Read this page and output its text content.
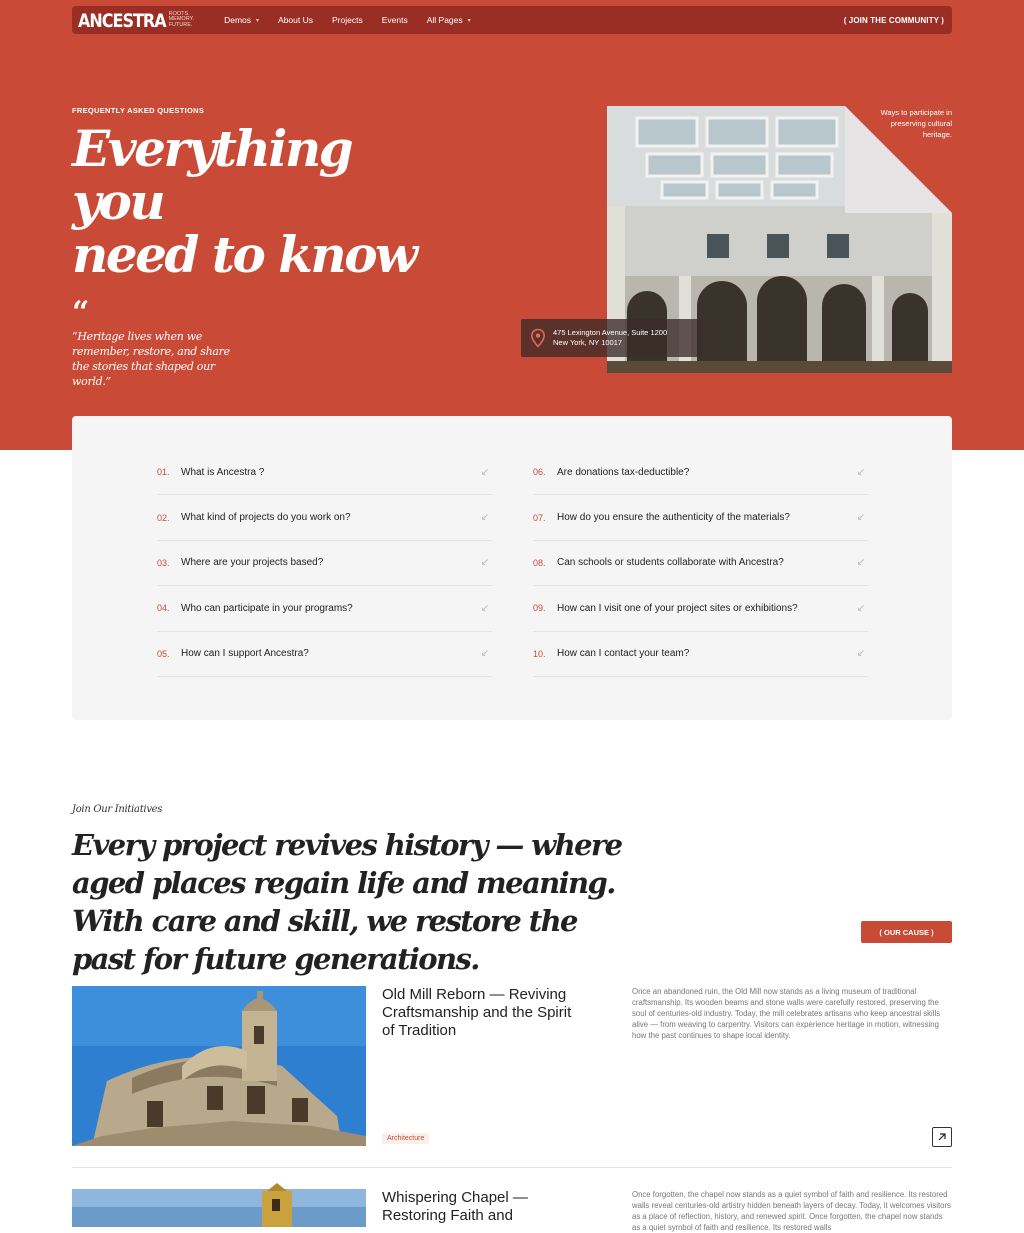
ANCESTRA ROOTS.
MEMORY.
FUTURE.	Demos ▾ About Us Projects Events All Pages ▾	( JOIN THE COMMUNITY )
FREQUENTLY ASKED QUESTIONS
Everything you
need to know
“

“Heritage lives when we remember, restore, and share the stories that shaped our world.”

Ways to participate in preserving cultural heritage.

475 Lexington Avenue, Suite 1200
New York, NY 10017
01.	What is Ancestra ?	↙
02.	What kind of projects do you work on?	↙
03.	Where are your projects based?	↙
04.	Who can participate in your programs?	↙
05.	How can I support Ancestra?	↙
06.	Are donations tax-deductible?	↙
07.	How do you ensure the authenticity of the materials?	↙
08.	Can schools or students collaborate with Ancestra?	↙
09.	How can I visit one of your project sites or exhibitions?	↙
10.	How can I contact your team?	↙
Join Our Initiatives
Every project revives history — where aged places regain life and meaning. With care and skill, we restore the past for future generations.
( OUR CAUSE )
Old Mill Reborn — Reviving Craftsmanship and the Spirit of Tradition

Once an abandoned ruin, the Old Mill now stands as a living museum of traditional craftsmanship. Its wooden beams and stone walls were carefully restored, preserving the soul of centuries-old industry. Today, the mill celebrates artisans who keep ancestral skills alive — from weaving to carpentry. Visitors can experience heritage in motion, witnessing how the past continues to shape local identity.

Architecture
Whispering Chapel — Restoring Faith and

Once forgotten, the chapel now stands as a quiet symbol of faith and resilience. Its restored walls reveal centuries-old artistry hidden beneath layers of decay. Today, it welcomes visitors as a place of reflection, history, and renewed spirit. Once forgotten, the chapel now stands as a quiet symbol of faith and resilience. Its restored walls
